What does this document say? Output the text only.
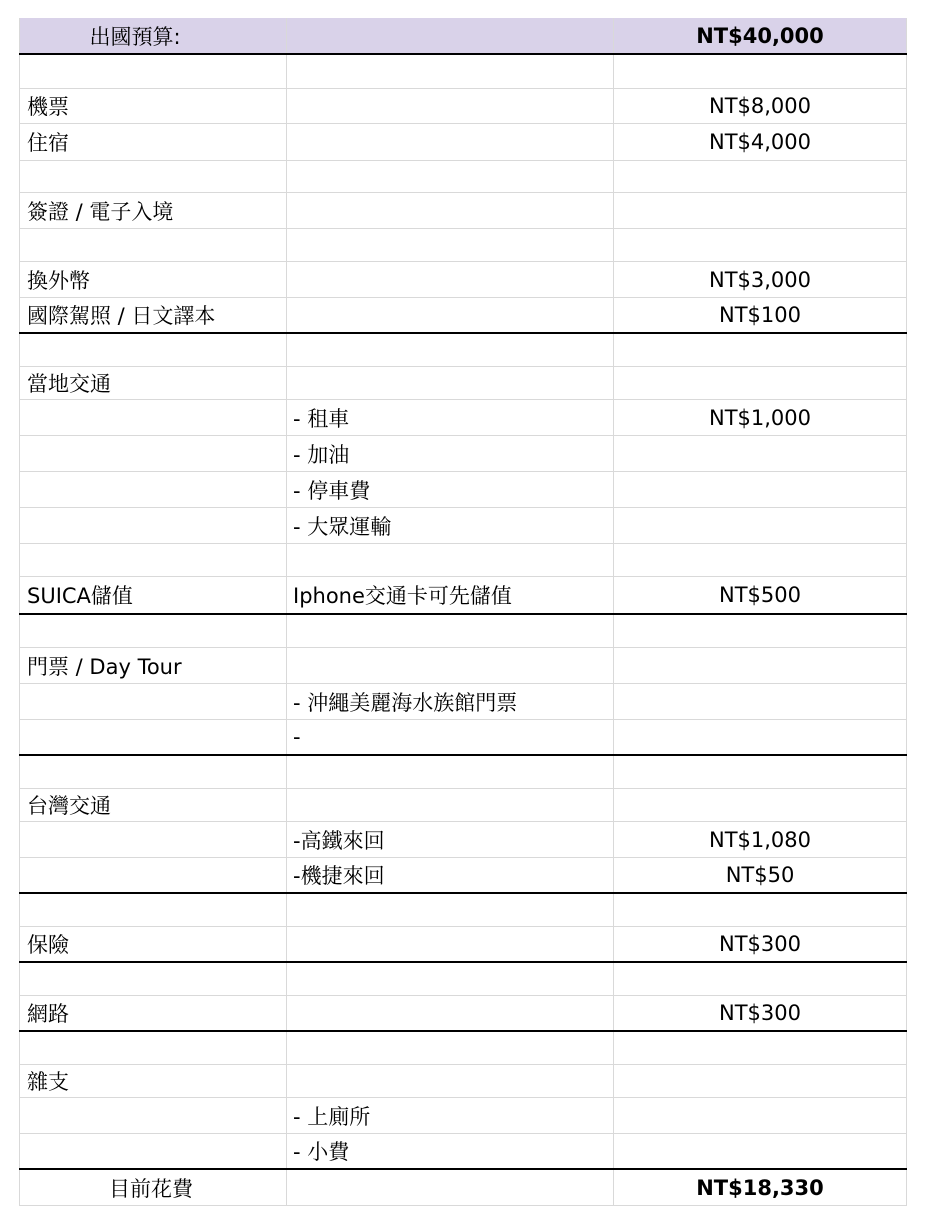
出國預算:	NT$40,000
機票	NT$8,000
住宿	NT$4,000
簽證 / 電子入境
換外幣	NT$3,000
國際駕照 / 日文譯本	NT$100
當地交通
- 租車	NT$1,000
- 加油
- 停車費
- 大眾運輸
SUICA儲值	Iphone交通卡可先儲值	NT$500
門票 / Day Tour
- 沖繩美麗海水族館門票
-
台灣交通
-高鐵來回	NT$1,080
-機捷來回	NT$50
保險	NT$300
網路	NT$300
雜支
- 上廁所
- 小費
目前花費	NT$18,330
